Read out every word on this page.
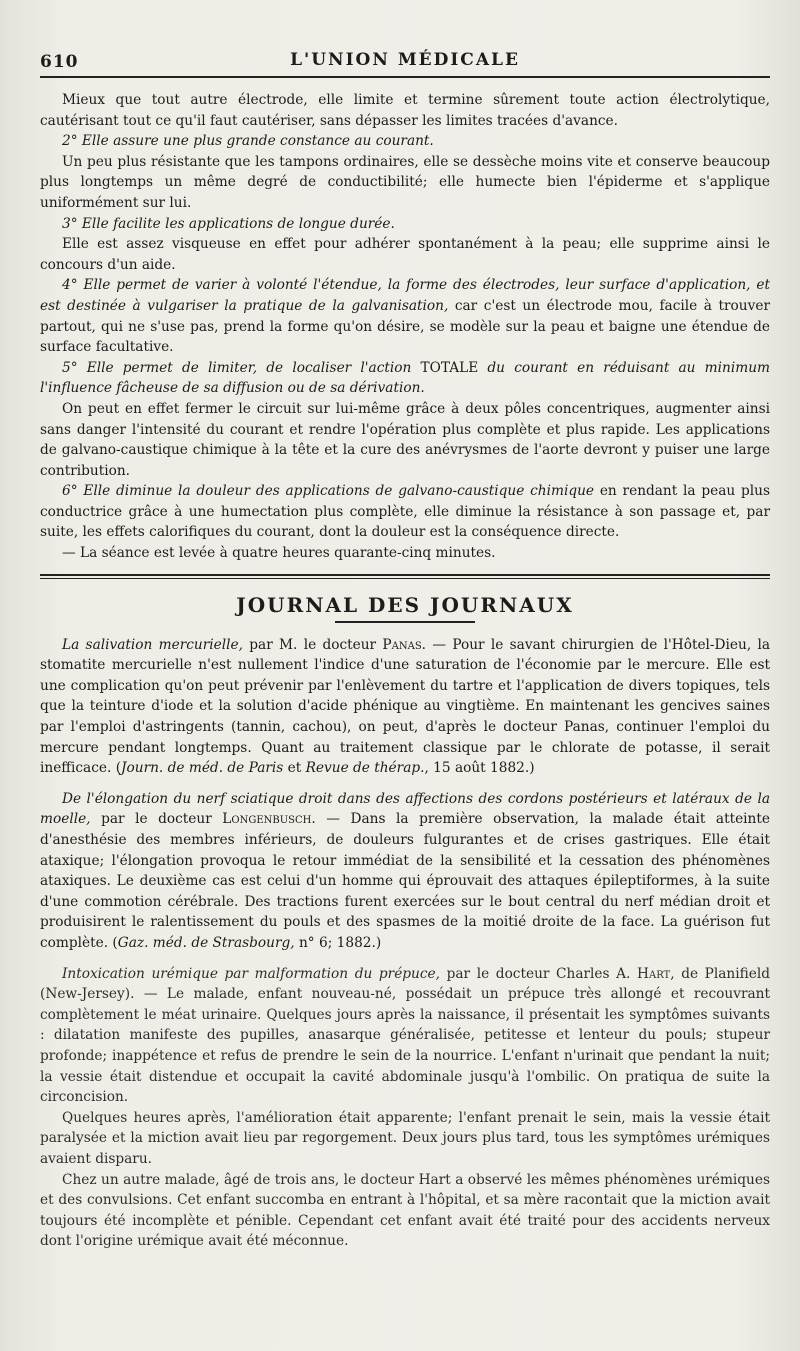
610	L'UNION MÉDICALE

Mieux que tout autre électrode, elle limite et termine sûrement toute action électrolytique, cautérisant tout ce qu'il faut cautériser, sans dépasser les limites tracées d'avance.

2° Elle assure une plus grande constance au courant.

Un peu plus résistante que les tampons ordinaires, elle se dessèche moins vite et conserve beaucoup plus longtemps un même degré de conductibilité; elle humecte bien l'épiderme et s'applique uniformément sur lui.

3° Elle facilite les applications de longue durée.

Elle est assez visqueuse en effet pour adhérer spontanément à la peau; elle supprime ainsi le concours d'un aide.

4° Elle permet de varier à volonté l'étendue, la forme des électrodes, leur surface d'application, et est destinée à vulgariser la pratique de la galvanisation, car c'est un électrode mou, facile à trouver partout, qui ne s'use pas, prend la forme qu'on désire, se modèle sur la peau et baigne une étendue de surface facultative.

5° Elle permet de limiter, de localiser l'action TOTALE du courant en réduisant au minimum l'influence fâcheuse de sa diffusion ou de sa dérivation.

On peut en effet fermer le circuit sur lui-même grâce à deux pôles concentriques, augmenter ainsi sans danger l'intensité du courant et rendre l'opération plus complète et plus rapide. Les applications de galvano-caustique chimique à la tête et la cure des anévrysmes de l'aorte devront y puiser une large contribution.

6° Elle diminue la douleur des applications de galvano-caustique chimique en rendant la peau plus conductrice grâce à une humectation plus complète, elle diminue la résistance à son passage et, par suite, les effets calorifiques du courant, dont la douleur est la conséquence directe.

— La séance est levée à quatre heures quarante-cinq minutes.

JOURNAL DES JOURNAUX

La salivation mercurielle, par M. le docteur Panas. — Pour le savant chirurgien de l'Hôtel-Dieu, la stomatite mercurielle n'est nullement l'indice d'une saturation de l'économie par le mercure. Elle est une complication qu'on peut prévenir par l'enlèvement du tartre et l'application de divers topiques, tels que la teinture d'iode et la solution d'acide phénique au vingtième. En maintenant les gencives saines par l'emploi d'astringents (tannin, cachou), on peut, d'après le docteur Panas, continuer l'emploi du mercure pendant longtemps. Quant au traitement classique par le chlorate de potasse, il serait inefficace. (Journ. de méd. de Paris et Revue de thérap., 15 août 1882.)

De l'élongation du nerf sciatique droit dans des affections des cordons postérieurs et latéraux de la moelle, par le docteur Longenbusch. — Dans la première observation, la malade était atteinte d'anesthésie des membres inférieurs, de douleurs fulgurantes et de crises gastriques. Elle était ataxique; l'élongation provoqua le retour immédiat de la sensibilité et la cessation des phénomènes ataxiques. Le deuxième cas est celui d'un homme qui éprouvait des attaques épileptiformes, à la suite d'une commotion cérébrale. Des tractions furent exercées sur le bout central du nerf médian droit et produisirent le ralentissement du pouls et des spasmes de la moitié droite de la face. La guérison fut complète. (Gaz. méd. de Strasbourg, n° 6; 1882.)

Intoxication urémique par malformation du prépuce, par le docteur Charles A. Hart, de Planifield (New-Jersey). — Le malade, enfant nouveau-né, possédait un prépuce très allongé et recouvrant complètement le méat urinaire. Quelques jours après la naissance, il présentait les symptômes suivants : dilatation manifeste des pupilles, anasarque généralisée, petitesse et lenteur du pouls; stupeur profonde; inappétence et refus de prendre le sein de la nourrice. L'enfant n'urinait que pendant la nuit; la vessie était distendue et occupait la cavité abdominale jusqu'à l'ombilic. On pratiqua de suite la circoncision.

Quelques heures après, l'amélioration était apparente; l'enfant prenait le sein, mais la vessie était paralysée et la miction avait lieu par regorgement. Deux jours plus tard, tous les symptômes urémiques avaient disparu.

Chez un autre malade, âgé de trois ans, le docteur Hart a observé les mêmes phénomènes urémiques et des convulsions. Cet enfant succomba en entrant à l'hôpital, et sa mère racontait que la miction avait toujours été incomplète et pénible. Cependant cet enfant avait été traité pour des accidents nerveux dont l'origine urémique avait été méconnue.
